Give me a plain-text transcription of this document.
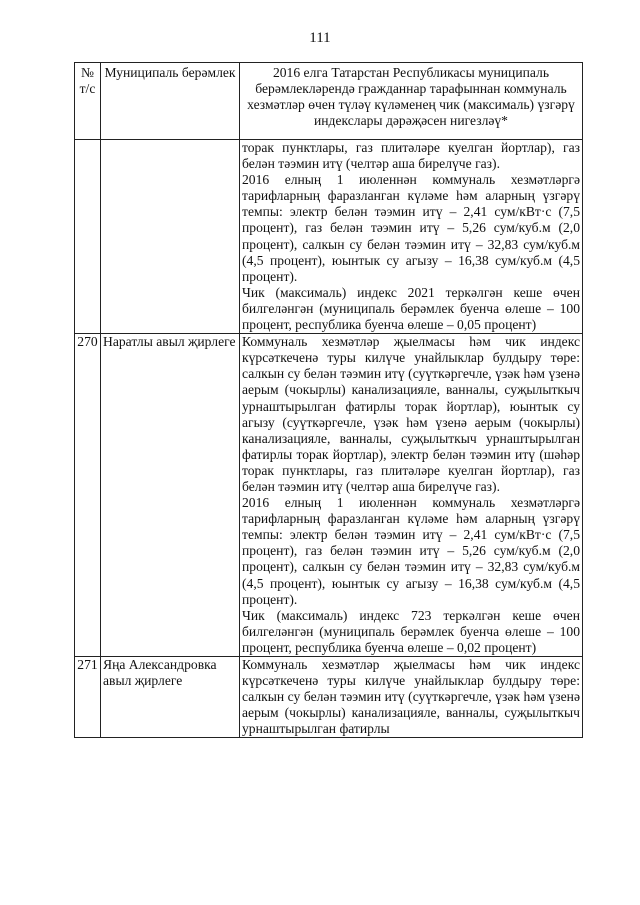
111
№ т/с	Муниципаль берәмлек	2016 елга Татарстан Республикасы муниципаль берәмлекләрендә гражданнар тарафыннан коммуналь хезмәтләр өчен түләү күләменең чик (максималь) үзгәрү индекслары дәрәҗәсен нигезләү*

		торак пунктлары, газ плитәләре куелган йортлар), газ белән тәэмин итү (челтәр аша бирелүче газ).

2016 елның 1 июленнән коммуналь хезмәтләргә тарифларның фаразланган күләме һәм аларның үзгәрү темпы: электр белән тәэмин итү – 2,41 сум/кВт·с (7,5 процент), газ белән тәэмин итү – 5,26 сум/куб.м (2,0 процент), салкын су белән тәэмин итү – 32,83 сум/куб.м (4,5 процент), юынтык су агызу – 16,38 сум/куб.м (4,5 процент).

Чик (максималь) индекс 2021 теркәлгән кеше өчен билгеләнгән (муниципаль берәмлек буенча өлеше – 100 процент, республика буенча өлеше – 0,05 процент)

270	Наратлы авыл җирлеге	Коммуналь хезмәтләр җыелмасы һәм чик индекс күрсәткеченә туры килүче унайлыклар булдыру төре: салкын су белән тәэмин итү (суүткәргечле, үзәк һәм үзенә аерым (чокырлы) канализацияле, ванналы, суҗылыткыч урнаштырылган фатирлы торак йортлар), юынтык су агызу (суүткәргечле, үзәк һәм үзенә аерым (чокырлы) канализацияле, ванналы, суҗылыткыч урнаштырылган фатирлы торак йортлар), электр белән тәэмин итү (шәһәр торак пунктлары, газ плитәләре куелган йортлар), газ белән тәэмин итү (челтәр аша бирелүче газ).

2016 елның 1 июленнән коммуналь хезмәтләргә тарифларның фаразланган күләме һәм аларның үзгәрү темпы: электр белән тәэмин итү – 2,41 сум/кВт·с (7,5 процент), газ белән тәэмин итү – 5,26 сум/куб.м (2,0 процент), салкын су белән тәэмин итү – 32,83 сум/куб.м (4,5 процент), юынтык су агызу – 16,38 сум/куб.м (4,5 процент).

Чик (максималь) индекс 723 теркәлгән кеше өчен билгеләнгән (муниципаль берәмлек буенча өлеше – 100 процент, республика буенча өлеше – 0,02 процент)

271	Яңа Александровка авыл җирлеге	Коммуналь хезмәтләр җыелмасы һәм чик индекс күрсәткеченә туры килүче унайлыклар булдыру төре: салкын су белән тәэмин итү (суүткәргечле, үзәк һәм үзенә аерым (чокырлы) канализацияле, ванналы, суҗылыткыч урнаштырылган фатирлы
